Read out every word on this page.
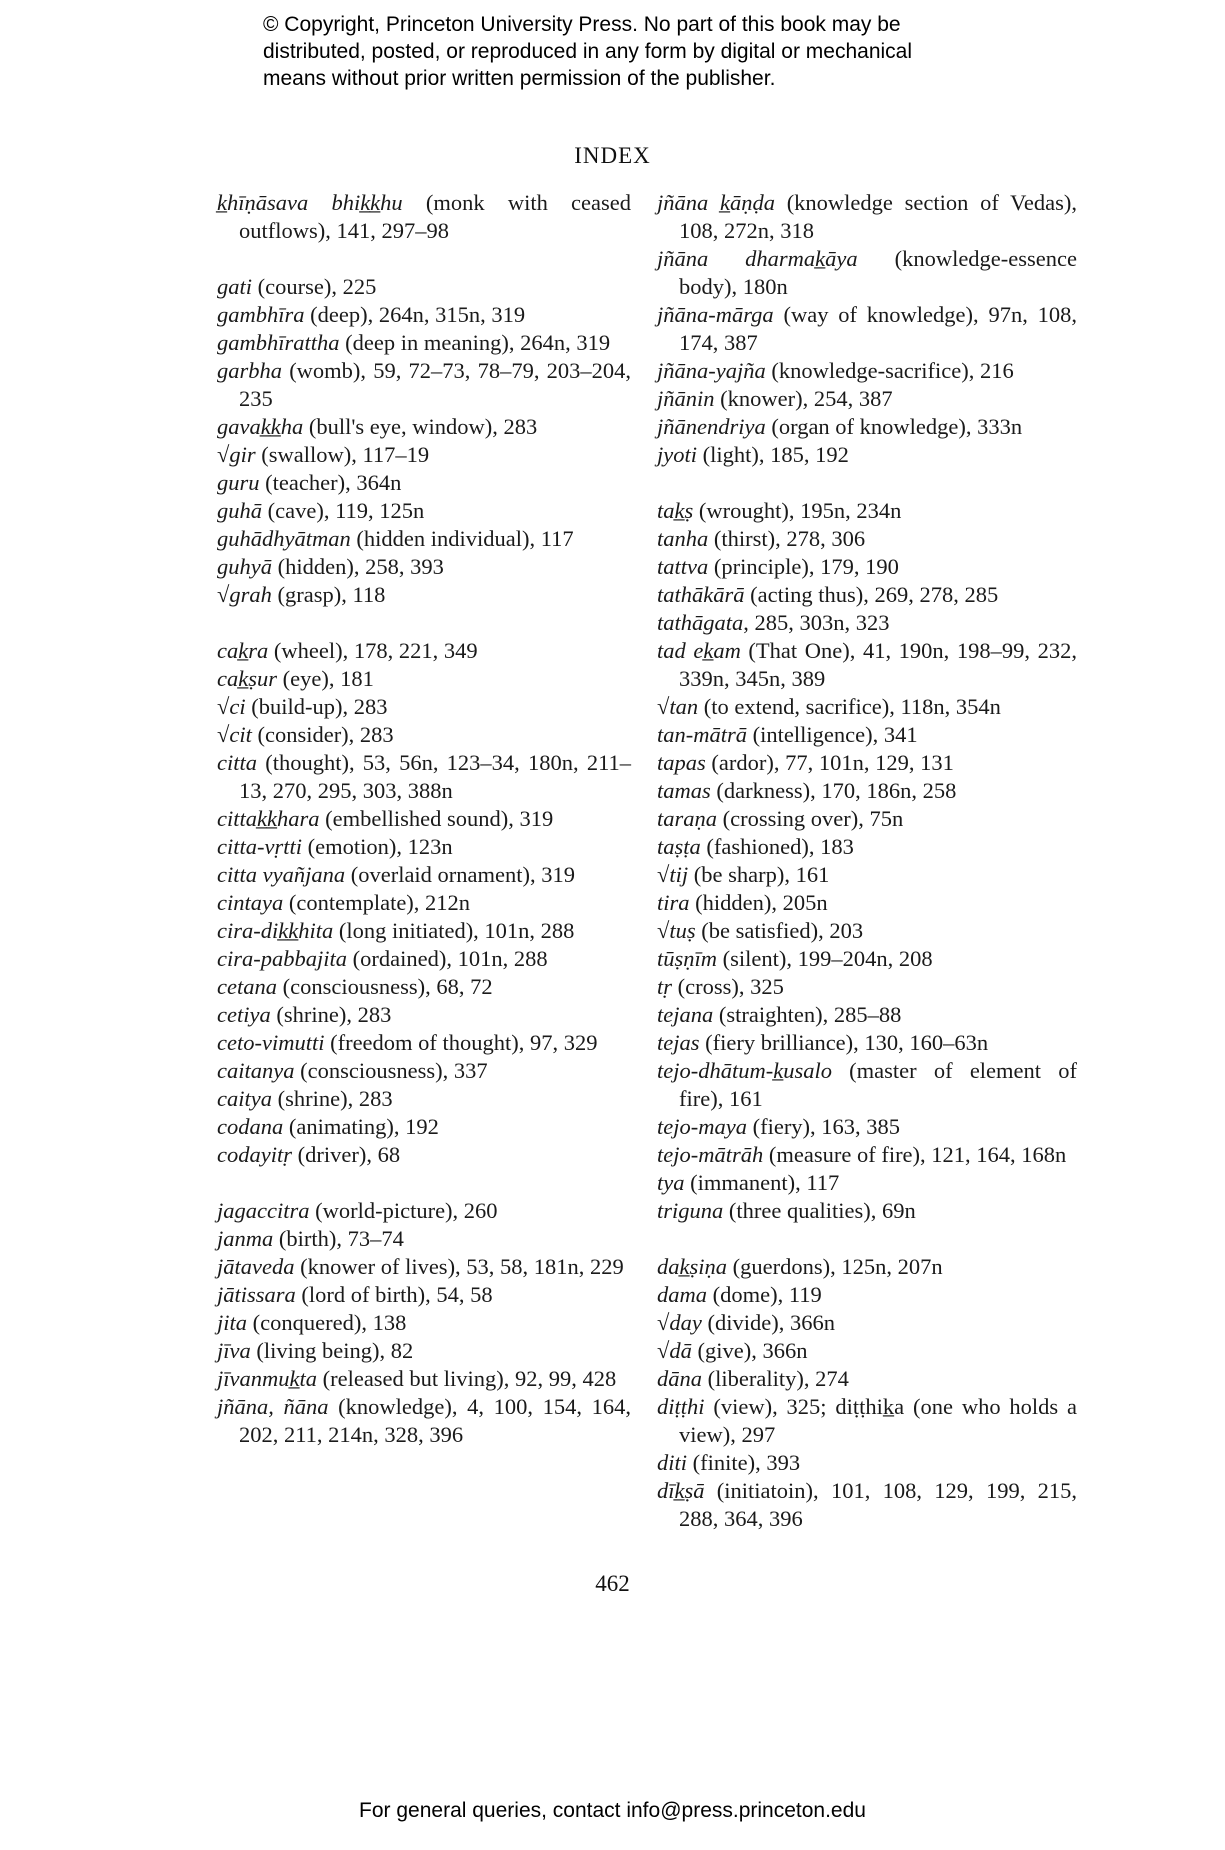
© Copyright, Princeton University Press. No part of this book may be

distributed, posted, or reproduced in any form by digital or mechanical

means without prior written permission of the publisher.

INDEX
k̲hīṇāsava bhik̲k̲hu (monk with ceased outflows), 141, 297–98
gati (course), 225
gambhīra (deep), 264n, 315n, 319
gambhīrattha (deep in meaning), 264n, 319
garbha (womb), 59, 72–73, 78–79, 203–204, 235
gavak̲k̲ha (bull's eye, window), 283
√gir (swallow), 117–19
guru (teacher), 364n
guhā (cave), 119, 125n
guhādhyātman (hidden individual), 117
guhyā (hidden), 258, 393
√grah (grasp), 118
cak̲ra (wheel), 178, 221, 349
cak̲ṣur (eye), 181
√ci (build-up), 283
√cit (consider), 283
citta (thought), 53, 56n, 123–34, 180n, 211–13, 270, 295, 303, 388n
cittak̲k̲hara (embellished sound), 319
citta-vṛtti (emotion), 123n
citta vyañjana (overlaid ornament), 319
cintaya (contemplate), 212n
cira-dik̲k̲hita (long initiated), 101n, 288
cira-pabbajita (ordained), 101n, 288
cetana (consciousness), 68, 72
cetiya (shrine), 283
ceto-vimutti (freedom of thought), 97, 329
caitanya (consciousness), 337
caitya (shrine), 283
codana (animating), 192
codayitṛ (driver), 68
jagaccitra (world-picture), 260
janma (birth), 73–74
jātaveda (knower of lives), 53, 58, 181n, 229
jātissara (lord of birth), 54, 58
jita (conquered), 138
jīva (living being), 82
jīvanmuk̲ta (released but living), 92, 99, 428
jñāna, ñāna (knowledge), 4, 100, 154, 164, 202, 211, 214n, 328, 396
jñāna k̲āṇḍa (knowledge section of Vedas), 108, 272n, 318
jñāna dharmak̲āya (knowledge-essence body), 180n
jñāna-mārga (way of knowledge), 97n, 108, 174, 387
jñāna-yajña (knowledge-sacrifice), 216
jñānin (knower), 254, 387
jñānendriya (organ of knowledge), 333n
jyoti (light), 185, 192
tak̲ṣ (wrought), 195n, 234n
tanha (thirst), 278, 306
tattva (principle), 179, 190
tathākārā (acting thus), 269, 278, 285
tathāgata, 285, 303n, 323
tad ek̲am (That One), 41, 190n, 198–99, 232, 339n, 345n, 389
√tan (to extend, sacrifice), 118n, 354n
tan-mātrā (intelligence), 341
tapas (ardor), 77, 101n, 129, 131
tamas (darkness), 170, 186n, 258
taraṇa (crossing over), 75n
taṣṭa (fashioned), 183
√tij (be sharp), 161
tira (hidden), 205n
√tuṣ (be satisfied), 203
tūṣṇīm (silent), 199–204n, 208
tṛ (cross), 325
tejana (straighten), 285–88
tejas (fiery brilliance), 130, 160–63n
tejo-dhātum-k̲usalo (master of element of fire), 161
tejo-maya (fiery), 163, 385
tejo-mātrāh (measure of fire), 121, 164, 168n
tya (immanent), 117
triguna (three qualities), 69n
dak̲ṣiṇa (guerdons), 125n, 207n
dama (dome), 119
√day (divide), 366n
√dā (give), 366n
dāna (liberality), 274
diṭṭhi (view), 325; diṭṭhik̲a (one who holds a view), 297
diti (finite), 393
dīk̲ṣā (initiatoin), 101, 108, 129, 199, 215, 288, 364, 396
462
For general queries, contact info@press.princeton.edu
